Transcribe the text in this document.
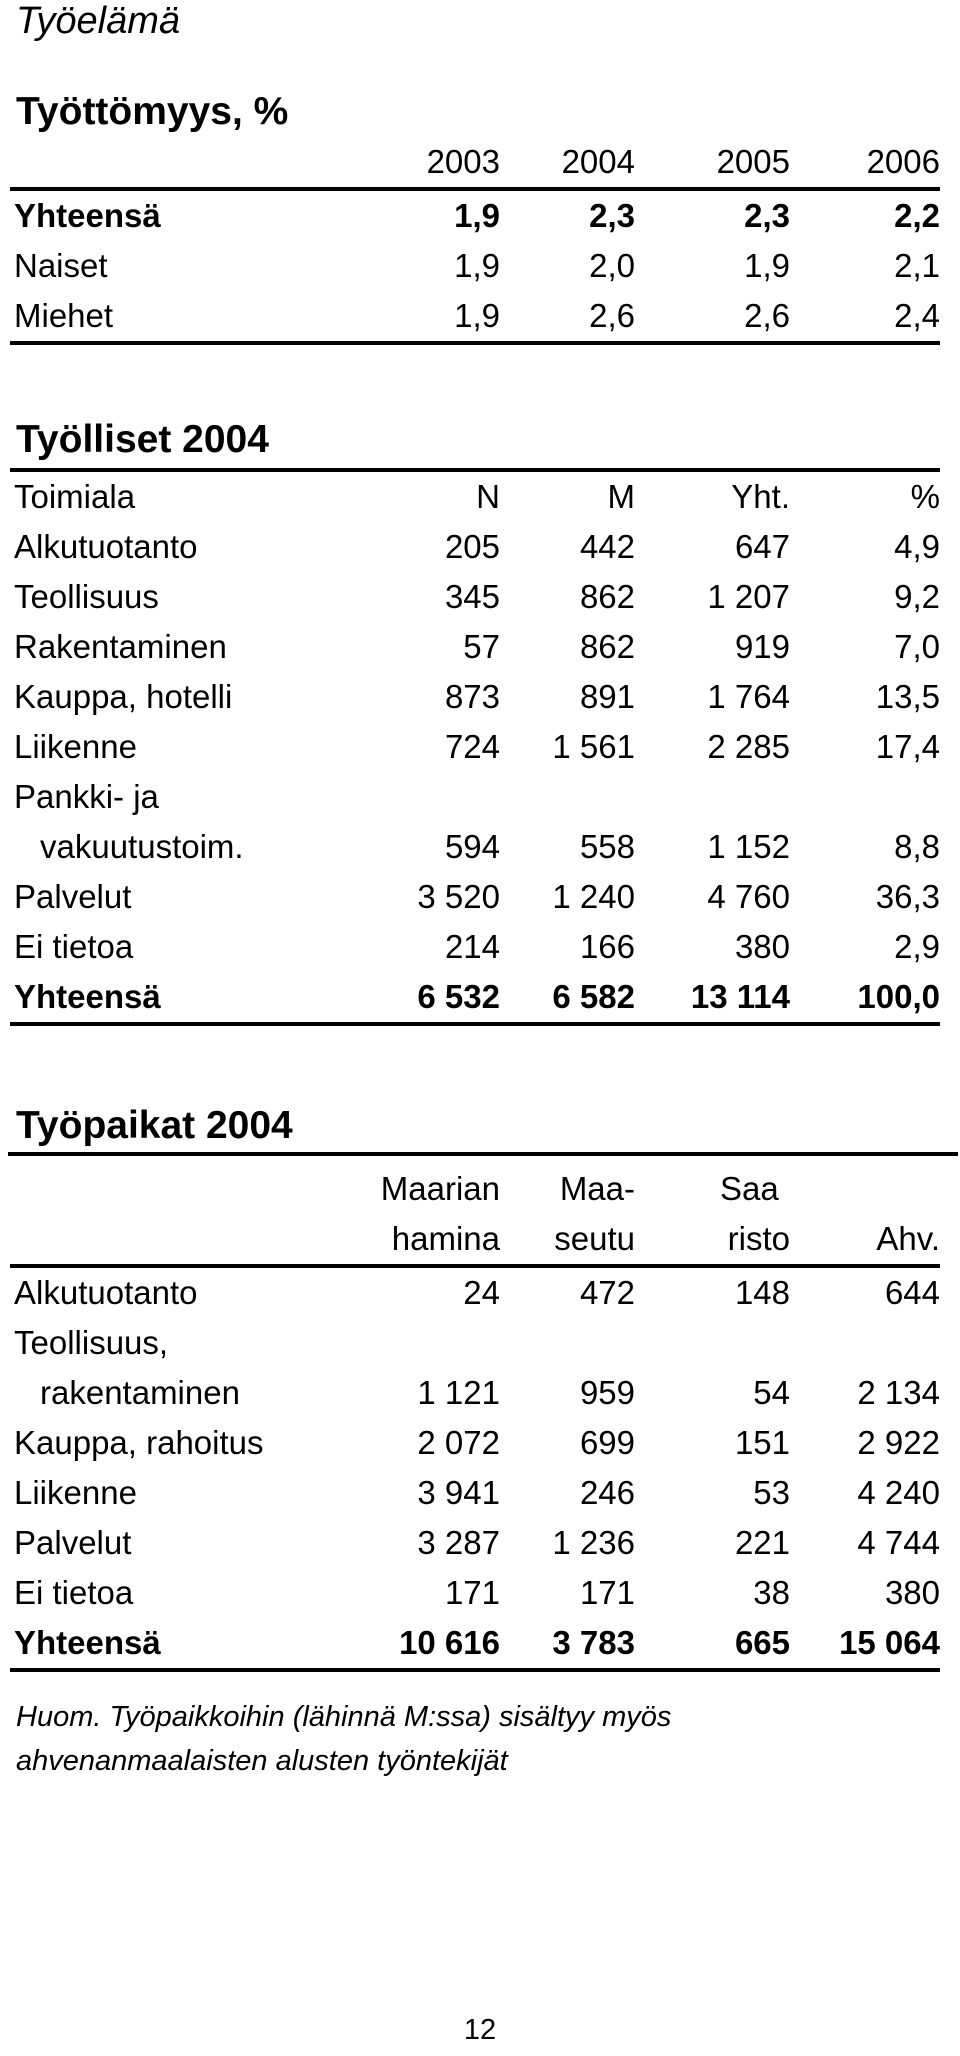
Työelämä
Työttömyys, %
	2003	2004	2005	2006
Yhteensä	1,9	2,3	2,3	2,2
Naiset	1,9	2,0	1,9	2,1
Miehet	1,9	2,6	2,6	2,4
Työlliset 2004
Toimiala	N	M	Yht.	%
Alkutuotanto	205	442	647	4,9
Teollisuus	345	862	1 207	9,2
Rakentaminen	57	862	919	7,0
Kauppa, hotelli	873	891	1 764	13,5
Liikenne	724	1 561	2 285	17,4
Pankki- ja				
vakuutustoim.	594	558	1 152	8,8
Palvelut	3 520	1 240	4 760	36,3
Ei tietoa	214	166	380	2,9
Yhteensä	6 532	6 582	13 114	100,0
Työpaikat 2004
	Maarian	Maa-	Saa	
	hamina	seutu	risto	Ahv.
Alkutuotanto	24	472	148	644
Teollisuus,				
rakentaminen	1 121	959	54	2 134
Kauppa, rahoitus	2 072	699	151	2 922
Liikenne	3 941	246	53	4 240
Palvelut	3 287	1 236	221	4 744
Ei tietoa	171	171	38	380
Yhteensä	10 616	3 783	665	15 064
Huom. Työpaikkoihin (lähinnä M:ssa) sisältyy myös
ahvenanmaalaisten alusten työntekijät
12
